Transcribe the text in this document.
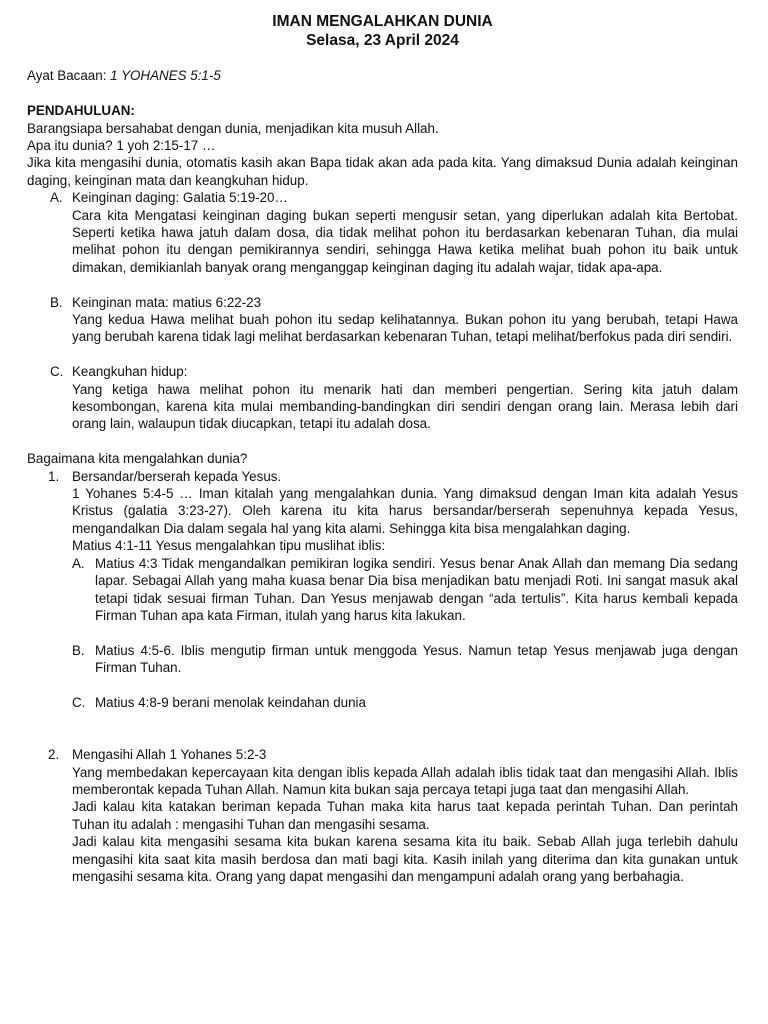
IMAN MENGALAHKAN DUNIA
Selasa, 23 April 2024

Ayat Bacaan: 1 YOHANES 5:1-5

PENDAHULUAN:

Barangsiapa bersahabat dengan dunia, menjadikan kita musuh Allah.

Apa itu dunia? 1 yoh 2:15-17 …

Jika kita mengasihi dunia, otomatis kasih akan Bapa tidak akan ada pada kita. Yang dimaksud Dunia adalah keinginan daging, keinginan mata dan keangkuhan hidup.

A. Keinginan daging: Galatia 5:19-20…

Cara kita Mengatasi keinginan daging bukan seperti mengusir setan, yang diperlukan adalah kita Bertobat. Seperti ketika hawa jatuh dalam dosa, dia tidak melihat pohon itu berdasarkan kebenaran Tuhan, dia mulai melihat pohon itu dengan pemikirannya sendiri, sehingga Hawa ketika melihat buah pohon itu baik untuk dimakan, demikianlah banyak orang menganggap keinginan daging itu adalah wajar, tidak apa-apa.

B. Keinginan mata: matius 6:22-23

Yang kedua Hawa melihat buah pohon itu sedap kelihatannya. Bukan pohon itu yang berubah, tetapi Hawa yang berubah karena tidak lagi melihat berdasarkan kebenaran Tuhan, tetapi melihat/berfokus pada diri sendiri.

C. Keangkuhan hidup:

Yang ketiga hawa melihat pohon itu menarik hati dan memberi pengertian. Sering kita jatuh dalam kesombongan, karena kita mulai membanding-bandingkan diri sendiri dengan orang lain. Merasa lebih dari orang lain, walaupun tidak diucapkan, tetapi itu adalah dosa.

Bagaimana kita mengalahkan dunia?

1. Bersandar/berserah kepada Yesus.

1 Yohanes 5:4-5 … Iman kitalah yang mengalahkan dunia. Yang dimaksud dengan Iman kita adalah Yesus Kristus (galatia 3:23-27). Oleh karena itu kita harus bersandar/berserah sepenuhnya kepada Yesus, mengandalkan Dia dalam segala hal yang kita alami. Sehingga kita bisa mengalahkan daging.

Matius 4:1-11 Yesus mengalahkan tipu muslihat iblis:

A. Matius 4:3 Tidak mengandalkan pemikiran logika sendiri. Yesus benar Anak Allah dan memang Dia sedang lapar. Sebagai Allah yang maha kuasa benar Dia bisa menjadikan batu menjadi Roti. Ini sangat masuk akal tetapi tidak sesuai firman Tuhan. Dan Yesus menjawab dengan “ada tertulis”. Kita harus kembali kepada Firman Tuhan apa kata Firman, itulah yang harus kita lakukan.
B. Matius 4:5-6. Iblis mengutip firman untuk menggoda Yesus. Namun tetap Yesus menjawab juga dengan Firman Tuhan.
C. Matius 4:8-9 berani menolak keindahan dunia
2. Mengasihi Allah 1 Yohanes 5:2-3

Yang membedakan kepercayaan kita dengan iblis kepada Allah adalah iblis tidak taat dan mengasihi Allah. Iblis memberontak kepada Tuhan Allah. Namun kita bukan saja percaya tetapi juga taat dan mengasihi Allah.

Jadi kalau kita katakan beriman kepada Tuhan maka kita harus taat kepada perintah Tuhan. Dan perintah Tuhan itu adalah : mengasihi Tuhan dan mengasihi sesama.

Jadi kalau kita mengasihi sesama kita bukan karena sesama kita itu baik. Sebab Allah juga terlebih dahulu mengasihi kita saat kita masih berdosa dan mati bagi kita. Kasih inilah yang diterima dan kita gunakan untuk mengasihi sesama kita. Orang yang dapat mengasihi dan mengampuni adalah orang yang berbahagia.
